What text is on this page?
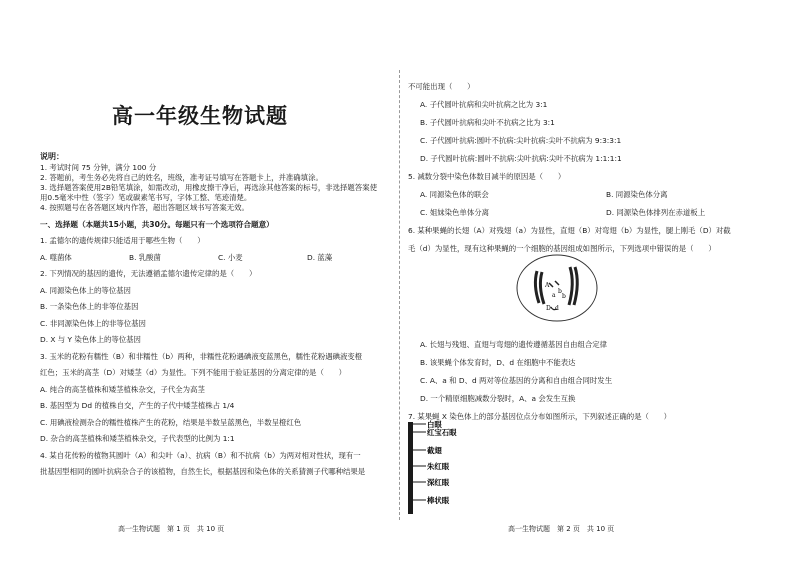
高一年级生物试题
说明：
1. 考试时间 75 分钟，满分 100 分
2. 答题前，考生务必先将自己的姓名，班级，准考证号填写在答题卡上，并准确填涂。
3. 选择题答案使用2B铅笔填涂，如需改动，用橡皮擦干净后，再选涂其他答案的标号，非选择题答案使
用0.5毫米中性（签字）笔或碳素笔书写，字体工整、笔迹清楚。
4. 按照题号在各答题区域内作答，超出答题区域书写答案无效。
一、选择题（本题共15小题，共30分。每题只有一个选项符合题意）
1. 孟德尔的遗传规律只能适用于哪些生物（　　）
A. 噬菌体	B. 乳酸菌	C. 小麦	D. 蓝藻
2. 下列情况的基因的遗传，无法遵循孟德尔遗传定律的是（　　）
A. 同源染色体上的等位基因
B. 一条染色体上的非等位基因
C. 非同源染色体上的非等位基因
D. X 与 Y 染色体上的等位基因
3. 玉米的花粉有糯性（B）和非糯性（b）两种，非糯性花粉遇碘液变蓝黑色，糯性花粉遇碘液变橙
红色；玉米的高茎（D）对矮茎（d）为显性。下列不能用于验证基因的分离定律的是（　　）
A. 纯合的高茎植株和矮茎植株杂交，子代全为高茎
B. 基因型为 Dd 的植株自交，产生的子代中矮茎植株占 1/4
C. 用碘液检测杂合的糯性植株产生的花粉，结果是半数呈蓝黑色，半数呈橙红色
D. 杂合的高茎植株和矮茎植株杂交，子代表型的比例为 1:1
4. 某自花传粉的植物其圆叶（A）和尖叶（a）、抗病（B）和不抗病（b）为两对相对性状，现有一
批基因型相同的圆叶抗病杂合子的该植物，自然生长，根据基因和染色体的关系猜测子代哪种结果是
高一生物试题　第 1 页　共 10 页
不可能出现（　　）
A. 子代圆叶抗病和尖叶抗病之比为 3:1
B. 子代圆叶抗病和尖叶不抗病之比为 3:1
C. 子代圆叶抗病:圆叶不抗病:尖叶抗病:尖叶不抗病为 9:3:3:1
D. 子代圆叶抗病:圆叶不抗病:尖叶抗病:尖叶不抗病为 1:1:1:1
5. 减数分裂中染色体数目减半的原因是（　　）
A. 同源染色体的联会	B. 同源染色体分离
C. 姐妹染色单体分离	D. 同源染色体排列在赤道板上
6. 某种果蝇的长翅（A）对残翅（a）为显性，直翅（B）对弯翅（b）为显性，腿上刚毛（D）对截
毛（d）为显性，现有这种果蝇的一个细胞的基因组成如图所示，下列选项中错误的是（　　）
A. 长翅与残翅、直翅与弯翅的遗传遵循基因自由组合定律
B. 该果蝇个体发育时，D、d 在细胞中不能表达
C. A、a 和 D、d 两对等位基因的分离和自由组合同时发生
D. 一个精原细胞减数分裂时，A、a 会发生互换
7. 某果蝇 X 染色体上的部分基因位点分布如图所示，下列叙述正确的是（　　）
A
a
b
b
D d
白眼
红宝石眼
截翅
朱红眼
深红眼
棒状眼
高一生物试题　第 2 页　共 10 页
